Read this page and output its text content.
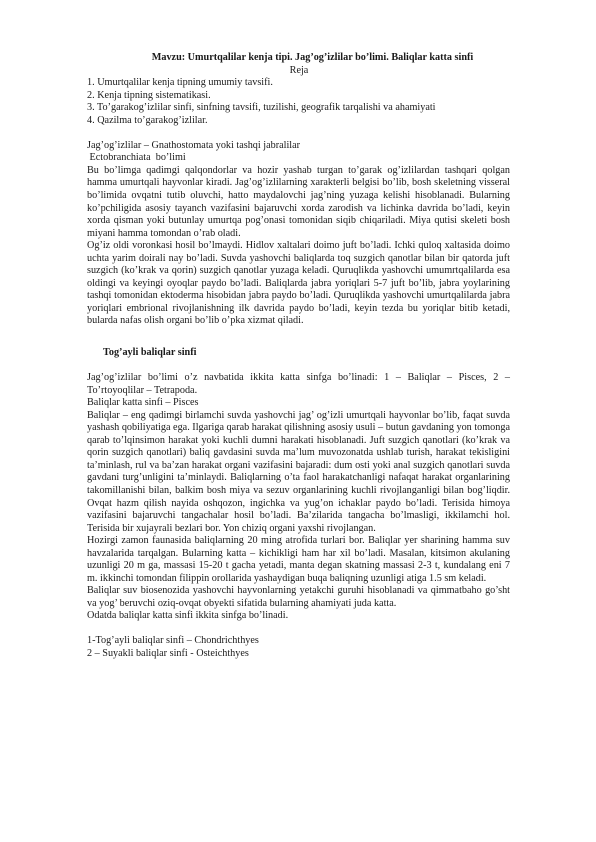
Mavzu: Umurtqalilar kenja tipi. Jag’og’izlilar bo’limi. Baliqlar katta sinfi

Reja

1. Umurtqalilar kenja tipning umumiy tavsifi.

2. Kenja tipning sistematikasi.

3. To’garakog’izlilar sinfi, sinfning tavsifi, tuzilishi, geografik tarqalishi va ahamiyati

4. Qazilma to’garakog’izlilar.

Jag’og’izlilar – Gnathostomata yoki tashqi jabralilar

Ectobranchiata  bo’limi

Bu bo’limga qadimgi qalqondorlar va hozir yashab turgan to’garak og’izlilardan tashqari qolgan hamma umurtqali hayvonlar kiradi. Jag’og’izlilarning xarakterli belgisi bo’lib, bosh skeletning visseral bo’limida ovqatni tutib oluvchi, hatto maydalovchi jag’ning yuzaga kelishi hisoblanadi. Bularning ko’pchiligida asosiy tayanch vazifasini bajaruvchi xorda zarodish va lichinka davrida bo’ladi, keyin xorda qisman yoki butunlay umurtqa pog’onasi tomonidan siqib chiqariladi. Miya qutisi skeleti bosh miyani hamma tomondan o’rab oladi.

Og’iz oldi voronkasi hosil bo’lmaydi. Hidlov xaltalari doimo juft bo’ladi. Ichki quloq xaltasida doimo uchta yarim doirali nay bo’ladi. Suvda yashovchi baliqlarda toq suzgich qanotlar bilan bir qatorda juft suzgich (ko’krak va qorin) suzgich qanotlar yuzaga keladi. Quruqlikda yashovchi umumrtqalilarda esa oldingi va keyingi oyoqlar paydo bo’ladi. Baliqlarda jabra yoriqlari 5-7 juft bo’lib, jabra yoylarining tashqi tomonidan ektoderma hisobidan jabra paydo bo’ladi. Quruqlikda yashovchi umurtqalilarda jabra yoriqlari embrional rivojlanishning ilk davrida paydo bo’ladi, keyin tezda bu yoriqlar bitib ketadi, bularda nafas olish organi bo’lib o’pka xizmat qiladi.

Tog’ayli baliqlar sinfi

Jag’og’izlilar bo’limi o’z navbatida ikkita katta sinfga bo’linadi: 1 – Baliqlar – Pisces, 2 – To’rtoyoqlilar – Tetrapoda.

Baliqlar katta sinfi – Pisces

Baliqlar – eng qadimgi birlamchi suvda yashovchi jag’ og’izli umurtqali hayvonlar bo’lib, faqat suvda yashash qobiliyatiga ega. Ilgariga qarab harakat qilishning asosiy usuli – butun gavdaning yon tomonga qarab to’lqinsimon harakat yoki kuchli dumni harakati hisoblanadi. Juft suzgich qanotlari (ko’krak va qorin suzgich qanotlari) baliq gavdasini suvda ma’lum muvozonatda ushlab turish, harakat tekisligini ta’minlash, rul va ba’zan harakat organi vazifasini bajaradi: dum osti yoki anal suzgich qanotlari suvda gavdani turg’unligini ta’minlaydi. Baliqlarning o’ta faol harakatchanligi nafaqat harakat organlarining takomillanishi bilan, balkim bosh miya va sezuv organlarining kuchli rivojlanganligi bilan bog’liqdir. Ovqat hazm qilish nayida oshqozon, ingichka va yug’on ichaklar paydo bo’ladi. Terisida himoya vazifasini bajaruvchi tangachalar hosil bo’ladi. Ba’zilarida tangacha bo’lmasligi, ikkilamchi hol. Terisida bir xujayrali bezlari bor. Yon chiziq organi yaxshi rivojlangan.

Hozirgi zamon faunasida baliqlarning 20 ming atrofida turlari bor. Baliqlar yer sharining hamma suv havzalarida tarqalgan. Bularning katta – kichikligi ham har xil bo’ladi. Masalan, kitsimon akulaning uzunligi 20 m ga, massasi 15-20 t gacha yetadi, manta degan skatning massasi 2-3 t, kundalang eni 7 m. ikkinchi tomondan filippin orollarida yashaydigan buqa baliqning uzunligi atiga 1.5 sm keladi.

Baliqlar suv biosenozida yashovchi hayvonlarning yetakchi guruhi hisoblanadi va qimmatbaho go’sht va yog’ beruvchi oziq-ovqat obyekti sifatida bularning ahamiyati juda katta.

Odatda baliqlar katta sinfi ikkita sinfga bo’linadi.

1-Tog’ayli baliqlar sinfi – Chondrichthyes

2 – Suyakli baliqlar sinfi - Osteichthyes
